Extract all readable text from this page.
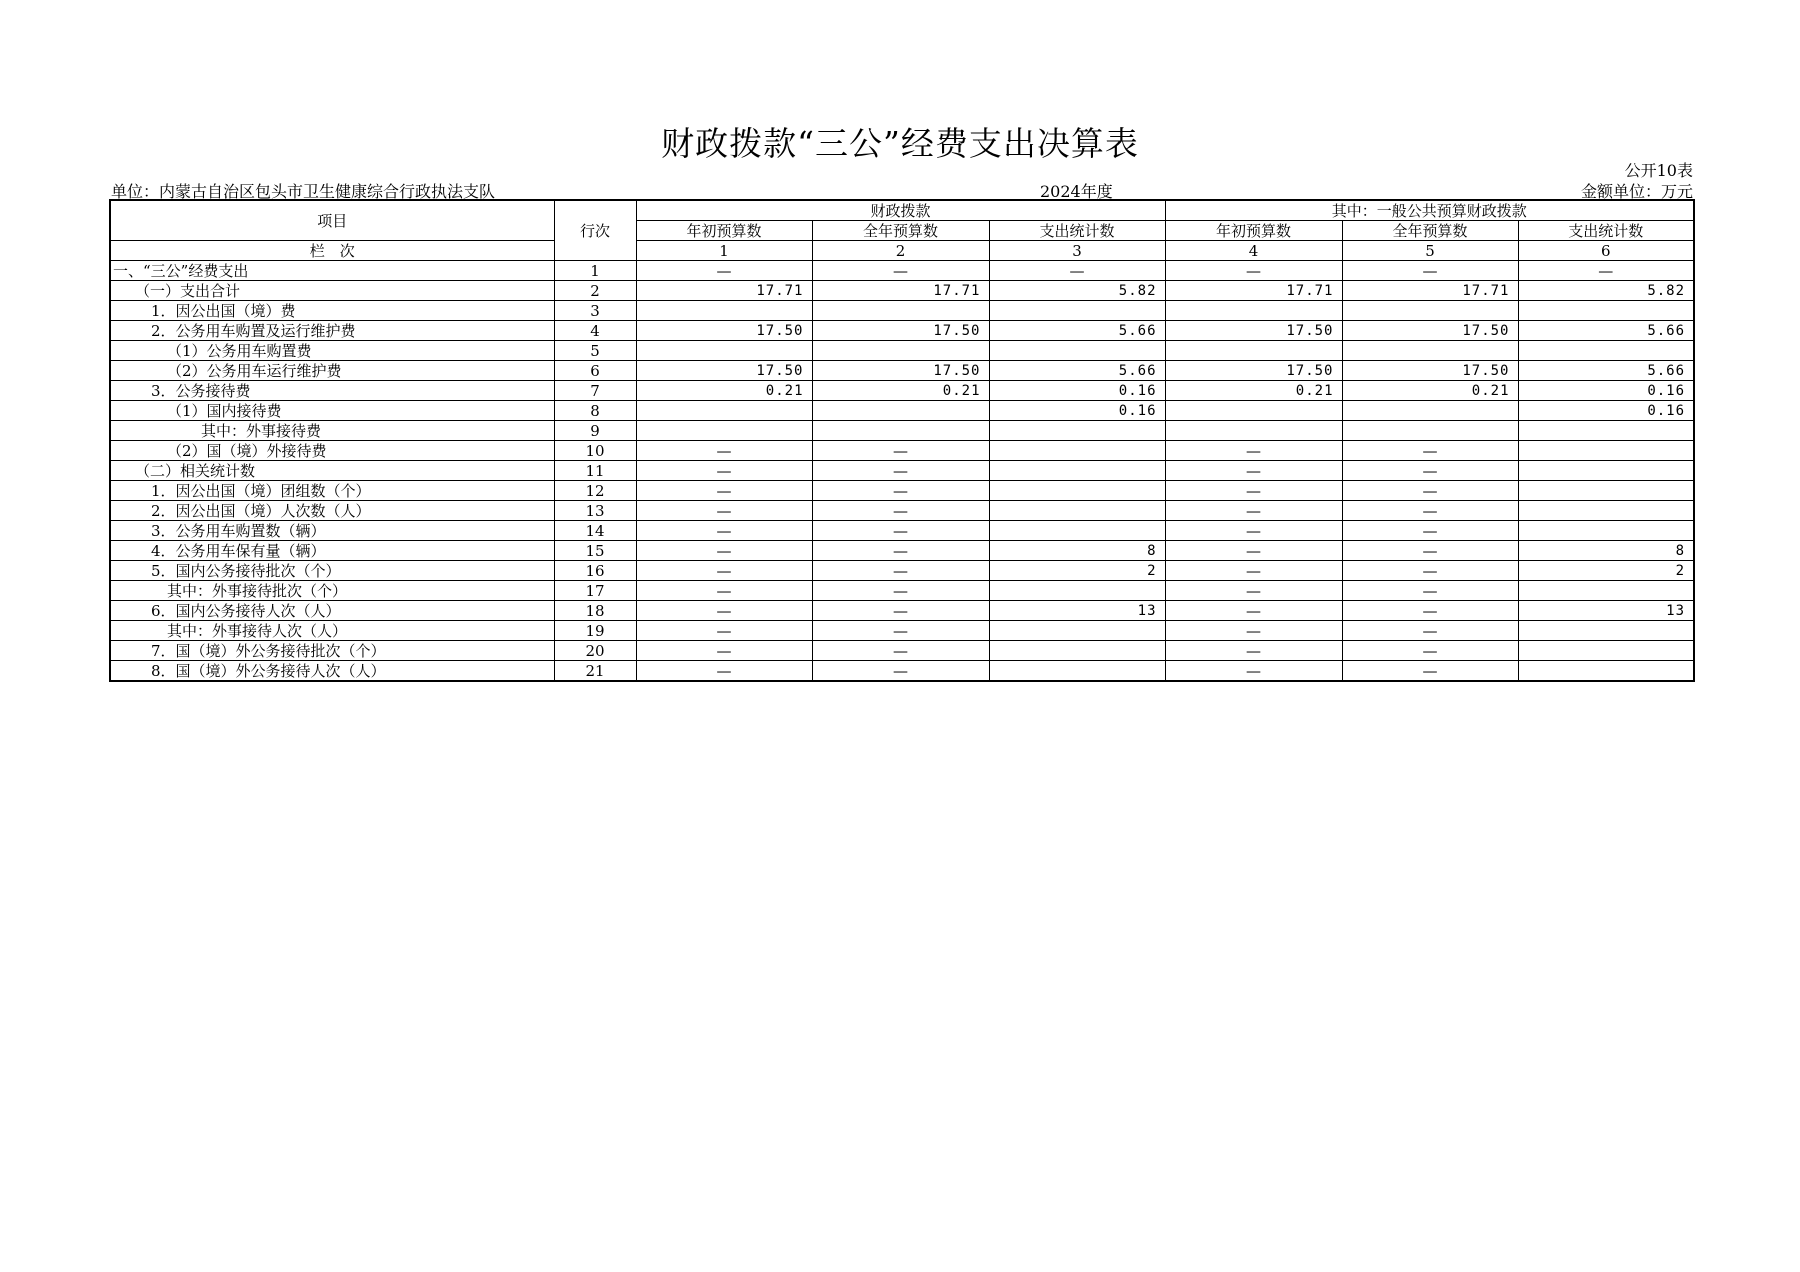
财政拨款“三公”经费支出决算表
公开10表
单位：内蒙古自治区包头市卫生健康综合行政执法支队	2024年度	金额单位：万元
项目	行次	财政拨款			其中：一般公共预算财政拨款		
		年初预算数	全年预算数	支出统计数	年初预算数	全年预算数	支出统计数
栏　次		1	2	3	4	5	6
一、“三公”经费支出	1	—	—	—	—	—	—
（一）支出合计	2	17.71	17.71	5.82	17.71	17.71	5.82
1．因公出国（境）费	3						
2．公务用车购置及运行维护费	4	17.50	17.50	5.66	17.50	17.50	5.66
（1）公务用车购置费	5						
（2）公务用车运行维护费	6	17.50	17.50	5.66	17.50	17.50	5.66
3．公务接待费	7	0.21	0.21	0.16	0.21	0.21	0.16
（1）国内接待费	8			0.16			0.16
其中：外事接待费	9						
（2）国（境）外接待费	10	—	—		—	—	
（二）相关统计数	11	—	—		—	—	
1．因公出国（境）团组数（个）	12	—	—		—	—	
2．因公出国（境）人次数（人）	13	—	—		—	—	
3．公务用车购置数（辆）	14	—	—		—	—	
4．公务用车保有量（辆）	15	—	—	8	—	—	8
5．国内公务接待批次（个）	16	—	—	2	—	—	2
其中：外事接待批次（个）	17	—	—		—	—	
6．国内公务接待人次（人）	18	—	—	13	—	—	13
其中：外事接待人次（人）	19	—	—		—	—	
7．国（境）外公务接待批次（个）	20	—	—		—	—	
8．国（境）外公务接待人次（人）	21	—	—		—	—	
